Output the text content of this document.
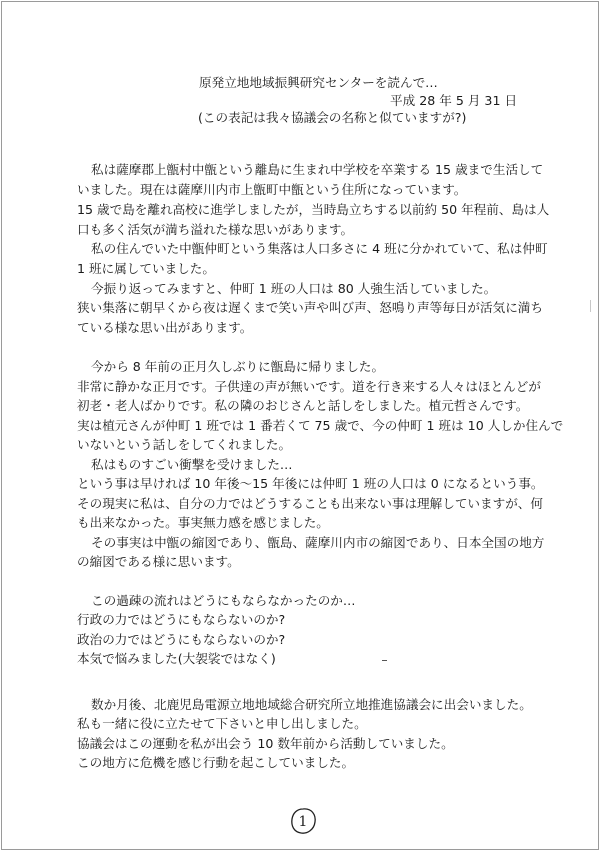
原発立地地域振興研究センターを読んで…
平成 28 年 5 月 31 日
(この表記は我々協議会の名称と似ていますが?)
私は薩摩郡上甑村中甑という離島に生まれ中学校を卒業する 15 歳まで生活して
いました。現在は薩摩川内市上甑町中甑という住所になっています。
15 歳で島を離れ高校に進学しましたが，当時島立ちする以前約 50 年程前、島は人
口も多く活気が満ち溢れた様な思いがあります。
私の住んでいた中甑仲町という集落は人口多さに 4 班に分かれていて、私は仲町
1 班に属していました。
今振り返ってみますと、仲町 1 班の人口は 80 人強生活していました。
狭い集落に朝早くから夜は遅くまで笑い声や叫び声、怒鳴り声等毎日が活気に満ち
ている様な思い出があります。
今から 8 年前の正月久しぶりに甑島に帰りました。
非常に静かな正月です。子供達の声が無いです。道を行き来する人々はほとんどが
初老・老人ばかりです。私の隣のおじさんと話しをしました。植元哲さんです。
実は植元さんが仲町 1 班では 1 番若くて 75 歳で、今の仲町 1 班は 10 人しか住んで
いないという話しをしてくれました。
私はものすごい衝撃を受けました…
という事は早ければ 10 年後～15 年後には仲町 1 班の人口は 0 になるという事。
その現実に私は、自分の力ではどうすることも出来ない事は理解していますが、何
も出来なかった。事実無力感を感じました。
その事実は中甑の縮図であり、甑島、薩摩川内市の縮図であり、日本全国の地方
の縮図である様に思います。
この過疎の流れはどうにもならなかったのか…
行政の力ではどうにもならないのか?
政治の力ではどうにもならないのか?
本気で悩みました(大袈裟ではなく)
数か月後、北鹿児島電源立地地域総合研究所立地推進協議会に出会いました。
私も一緒に役に立たせて下さいと申し出しました。
協議会はこの運動を私が出会う 10 数年前から活動していました。
この地方に危機を感じ行動を起こしていました。
1
